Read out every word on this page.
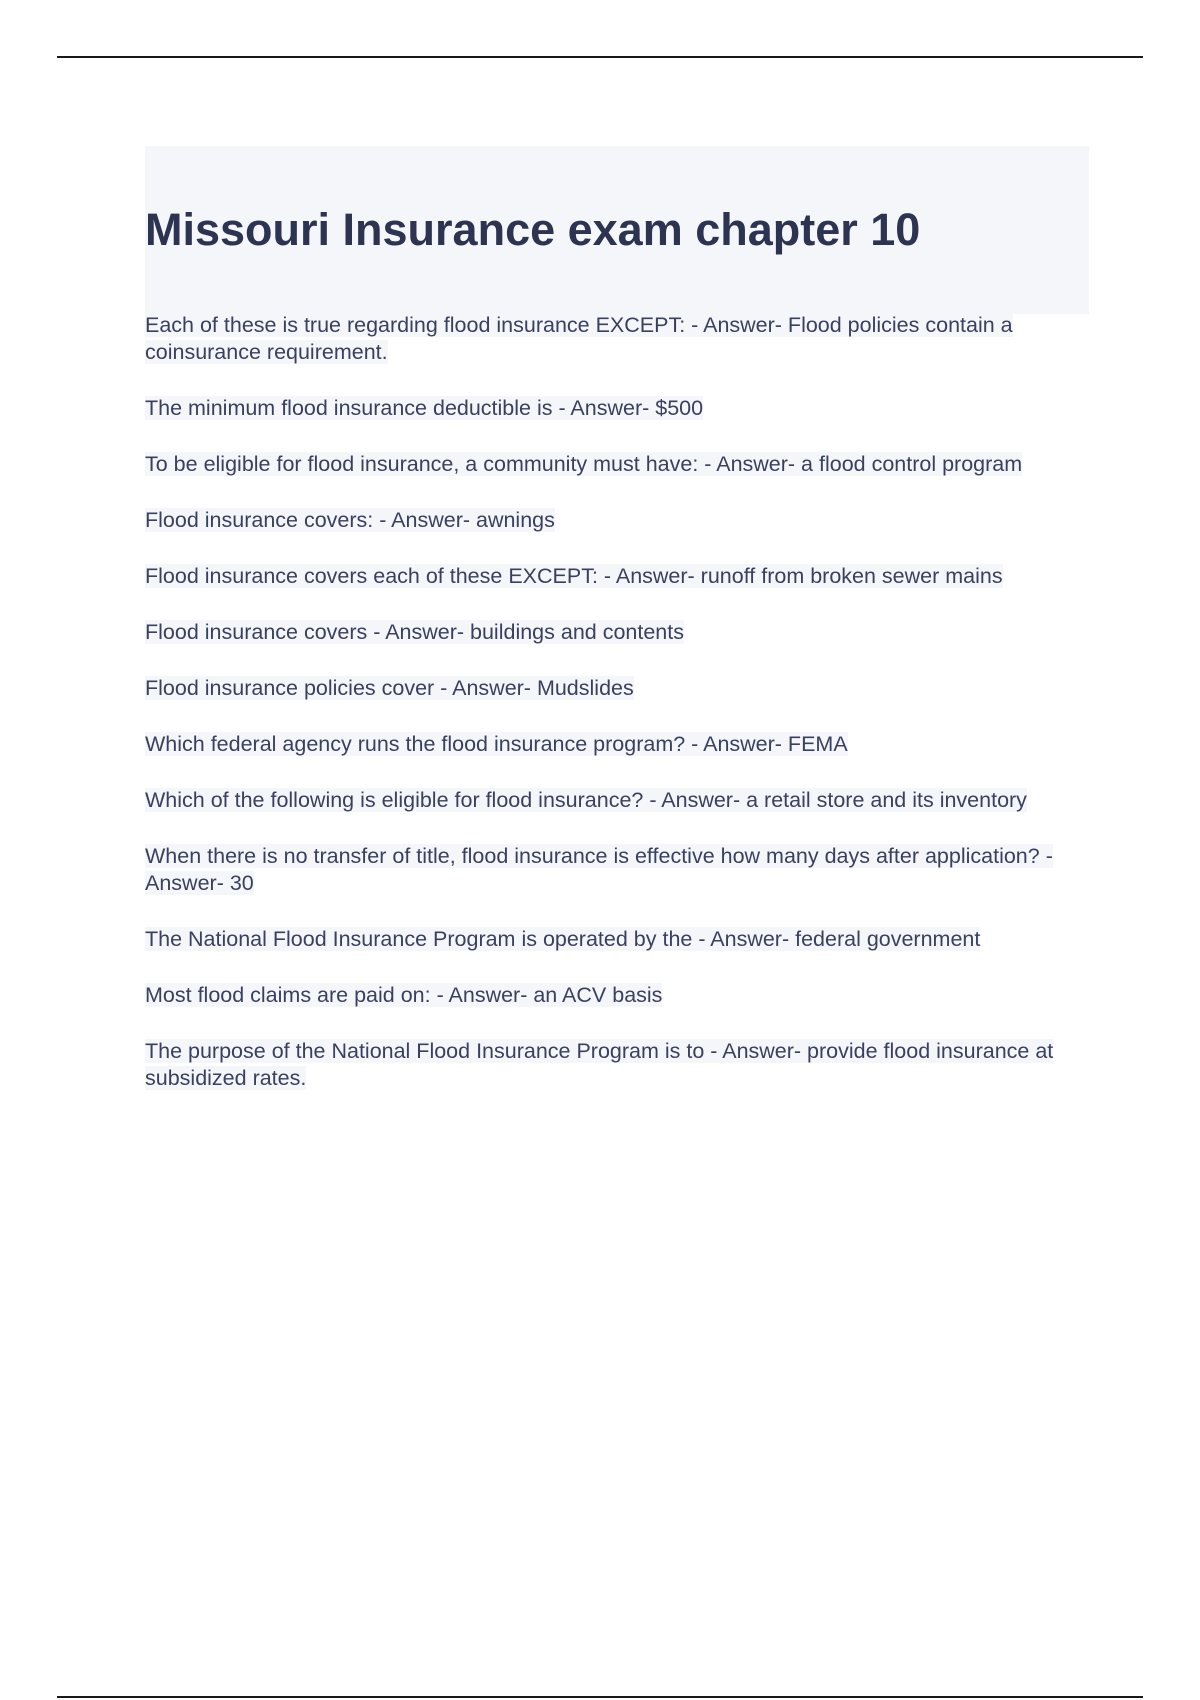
Missouri Insurance exam chapter 10

Each of these is true regarding flood insurance EXCEPT: - Answer- Flood policies contain a coinsurance requirement.

The minimum flood insurance deductible is - Answer- $500

To be eligible for flood insurance, a community must have: - Answer- a flood control program

Flood insurance covers: - Answer- awnings

Flood insurance covers each of these EXCEPT: - Answer- runoff from broken sewer mains

Flood insurance covers - Answer- buildings and contents

Flood insurance policies cover - Answer- Mudslides

Which federal agency runs the flood insurance program? - Answer- FEMA

Which of the following is eligible for flood insurance? - Answer- a retail store and its inventory

When there is no transfer of title, flood insurance is effective how many days after application? - Answer- 30

The National Flood Insurance Program is operated by the - Answer- federal government

Most flood claims are paid on: - Answer- an ACV basis

The purpose of the National Flood Insurance Program is to - Answer- provide flood insurance at subsidized rates.
